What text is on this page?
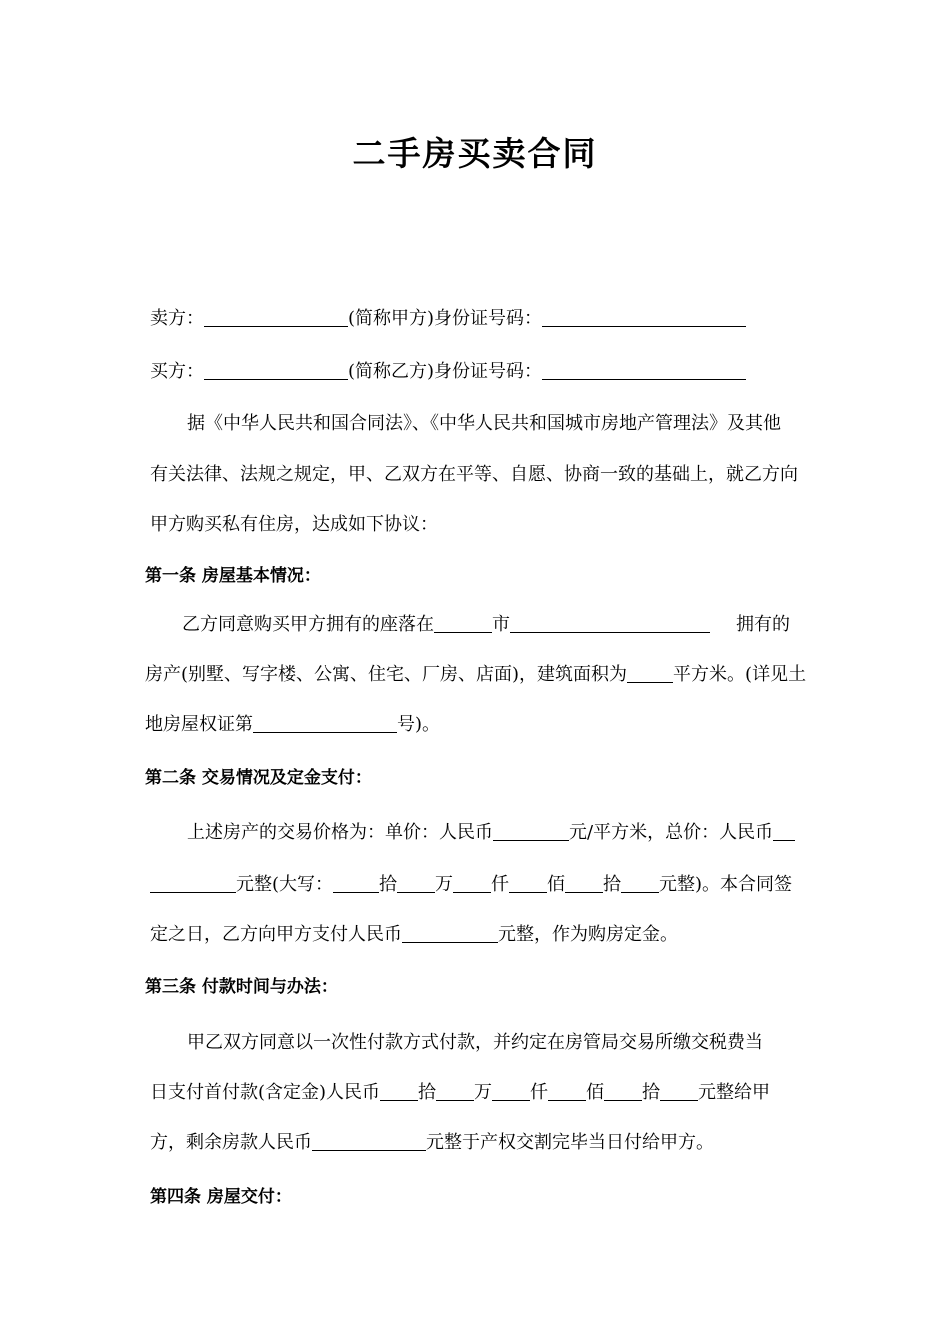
二手房买卖合同
卖方：	(简称甲方)身份证号码：
买方：	(简称乙方)身份证号码：
据《中华人民共和国合同法》、《中华人民共和国城市房地产管理法》及其他
有关法律、法规之规定，甲、乙双方在平等、自愿、协商一致的基础上，就乙方向
甲方购买私有住房，达成如下协议：
第一条 房屋基本情况：
乙方同意购买甲方拥有的座落在	市	拥有的
房产(别墅、写字楼、公寓、住宅、厂房、店面)，建筑面积为	平方米。(详见土
地房屋权证第	号)。
第二条 交易情况及定金支付：
上述房产的交易价格为：单价：人民币	元/平方米，总价：人民币
元整(大写：	拾 万 仟 佰 拾 元整)。本合同签
定之日，乙方向甲方支付人民币	元整，作为购房定金。
第三条 付款时间与办法：
甲乙双方同意以一次性付款方式付款，并约定在房管局交易所缴交税费当
日支付首付款(含定金)人民币 拾 万 仟 佰 拾 元整给甲
方，剩余房款人民币	元整于产权交割完毕当日付给甲方。
第四条 房屋交付：
